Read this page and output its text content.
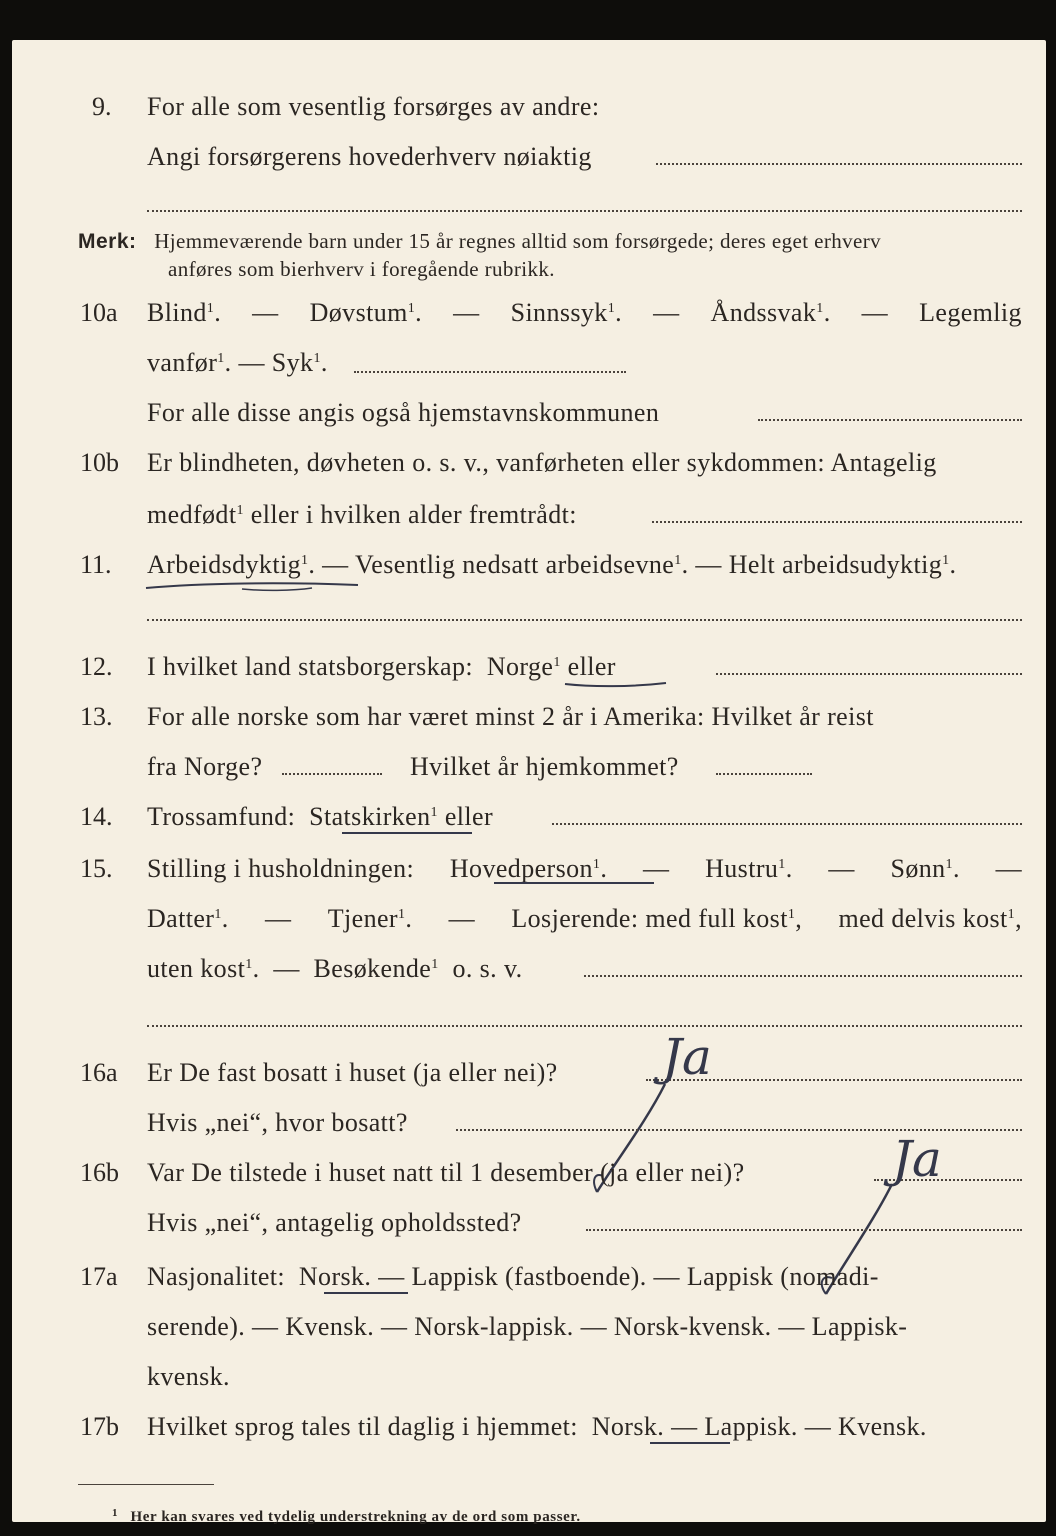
9. For alle som vesentlig forsørges av andre:
Angi forsørgerens hovederhverv nøiaktig
Merk: Hjemmeværende barn under 15 år regnes alltid som forsørgede; deres eget erhverv
anføres som bierhverv i foregående rubrikk.
10a Blind$^1$. — Døvstum$^1$. — Sinnssyk$^1$. — Åndssvak$^1$. — Legemlig
vanfør$^1$. — Syk$^1$.
For alle disse angis også hjemstavnskommunen
10b Er blindheten, døvheten o. s. v., vanførheten eller sykdommen: Antagelig
medfødt$^1$ eller i hvilken alder fremtrådt:
11. Arbeidsdyktig$^1$. — Vesentlig nedsatt arbeidsevne$^1$. — Helt arbeidsudyktig$^1$.
12. I hvilket land statsborgerskap: Norge$^1$ eller
13. For alle norske som har været minst 2 år i Amerika: Hvilket år reist
fra Norge?	Hvilket år hjemkommet?
14. Trossamfund: Statskirken$^1$ eller
15. Stilling i husholdningen: Hovedperson$^1$. — Hustru$^1$. — Sønn$^1$. —
Datter$^1$. — Tjener$^1$. — Losjerende: med full kost$^1$, med delvis kost$^1$,
uten kost$^1$.  —  Besøkende$^1$ o. s. v.
16a Er De fast bosatt i huset (ja eller nei)? Ja
Hvis „nei“, hvor bosatt?
16b Var De tilstede i huset natt til 1 desember (ja eller nei)?	Ja
Hvis „nei“, antagelig opholdssted?
17a Nasjonalitet: Norsk. — Lappisk (fastboende). — Lappisk (nomadi-
serende). — Kvensk. — Norsk-lappisk. — Norsk-kvensk. — Lappisk-
kvensk.
17b Hvilket sprog tales til daglig i hjemmet: Norsk. — Lappisk. — Kvensk.
$^1$ Her kan svares ved tydelig understrekning av de ord som passer.
